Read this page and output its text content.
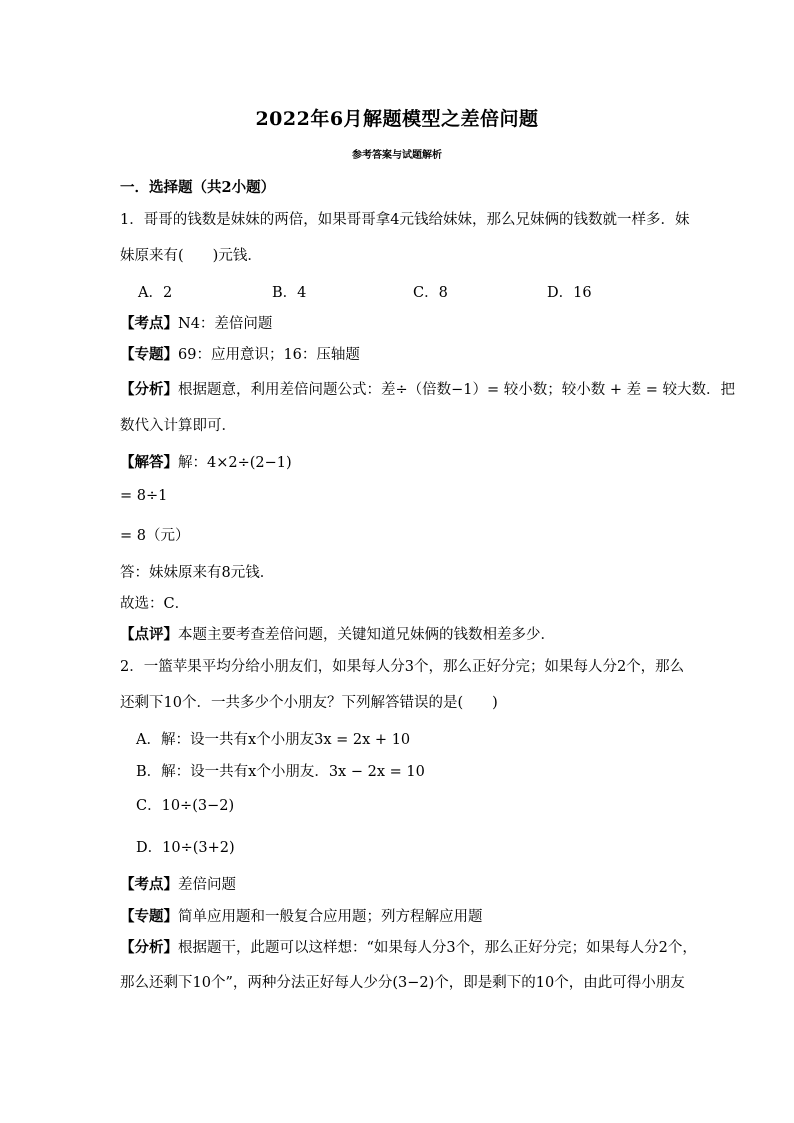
2022年6月解题模型之差倍问题
参考答案与试题解析
一．选择题（共2小题）
1．哥哥的钱数是妹妹的两倍，如果哥哥拿4元钱给妹妹，那么兄妹俩的钱数就一样多．妹
妹原来有(　　)元钱．
A．2	B．4	C．8	D．16
【考点】N4：差倍问题
【专题】69：应用意识；16：压轴题
【分析】根据题意，利用差倍问题公式：差÷（倍数−1）= 较小数；较小数 + 差 = 较大数．把
数代入计算即可．
【解答】解：4×2÷(2−1)
= 8÷1
= 8（元）
答：妹妹原来有8元钱．
故选：C．
【点评】本题主要考查差倍问题，关键知道兄妹俩的钱数相差多少．
2．一篮苹果平均分给小朋友们，如果每人分3个，那么正好分完；如果每人分2个，那么
还剩下10个．一共多少个小朋友？下列解答错误的是(　　)
A．解：设一共有x个小朋友3x = 2x + 10
B．解：设一共有x个小朋友．3x − 2x = 10
C．10÷(3−2)
D．10÷(3+2)
【考点】差倍问题
【专题】简单应用题和一般复合应用题；列方程解应用题
【分析】根据题干，此题可以这样想：“如果每人分3个，那么正好分完；如果每人分2个，
那么还剩下10个”，两种分法正好每人少分(3−2)个，即是剩下的10个，由此可得小朋友
